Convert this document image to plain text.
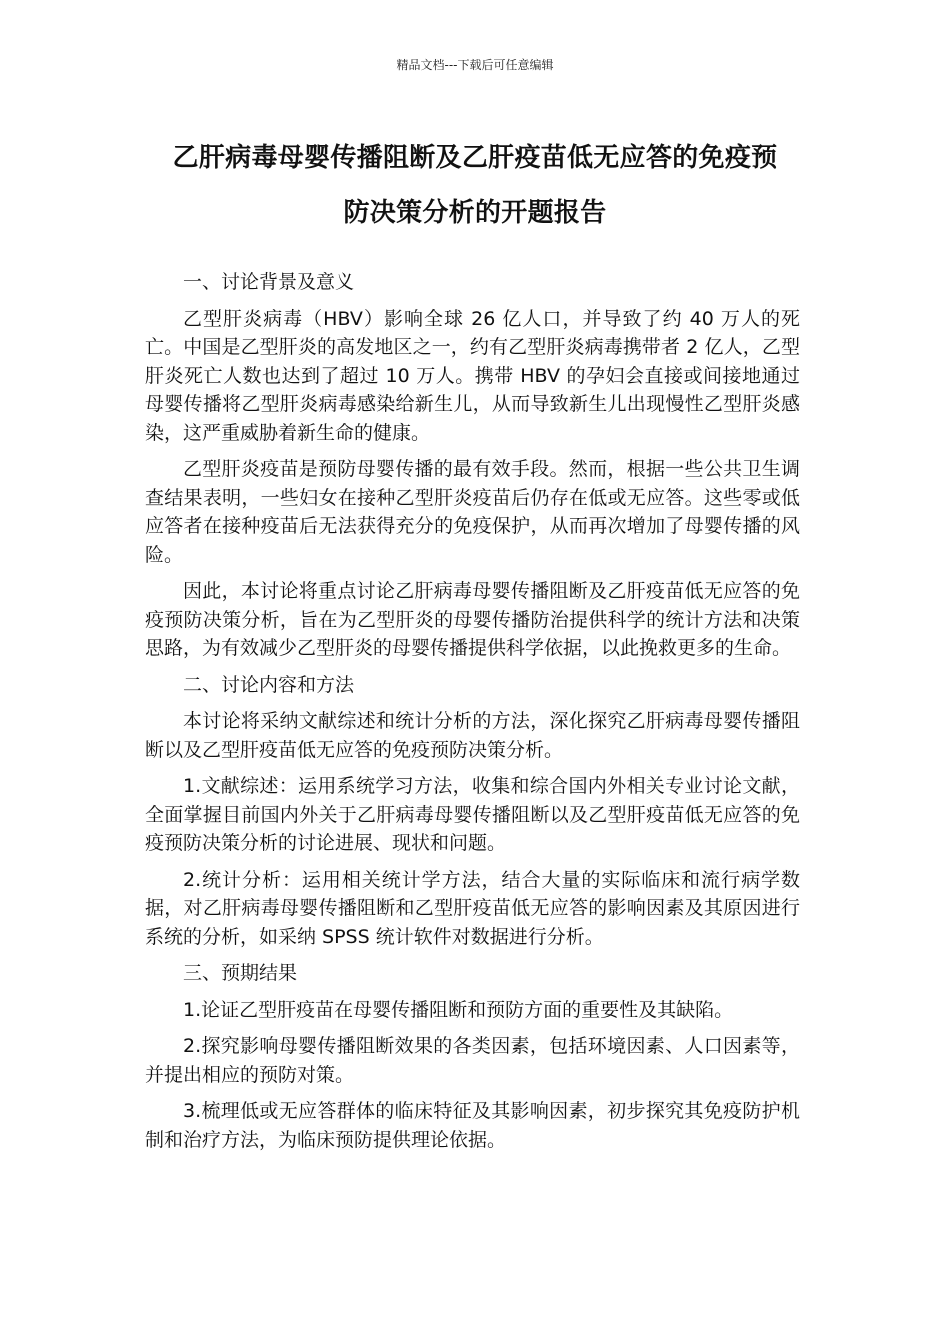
精品文档---下载后可任意编辑
乙肝病毒母婴传播阻断及乙肝疫苗低无应答的免疫预
防决策分析的开题报告

一、讨论背景及意义

乙型肝炎病毒（HBV）影响全球 26 亿人口，并导致了约 40 万人的死亡。中国是乙型肝炎的高发地区之一，约有乙型肝炎病毒携带者 2 亿人，乙型肝炎死亡人数也达到了超过 10 万人。携带 HBV 的孕妇会直接或间接地通过母婴传播将乙型肝炎病毒感染给新生儿，从而导致新生儿出现慢性乙型肝炎感染，这严重威胁着新生命的健康。

乙型肝炎疫苗是预防母婴传播的最有效手段。然而，根据一些公共卫生调查结果表明，一些妇女在接种乙型肝炎疫苗后仍存在低或无应答。这些零或低应答者在接种疫苗后无法获得充分的免疫保护，从而再次增加了母婴传播的风险。

因此，本讨论将重点讨论乙肝病毒母婴传播阻断及乙肝疫苗低无应答的免疫预防决策分析，旨在为乙型肝炎的母婴传播防治提供科学的统计方法和决策思路，为有效减少乙型肝炎的母婴传播提供科学依据，以此挽救更多的生命。

二、讨论内容和方法

本讨论将采纳文献综述和统计分析的方法，深化探究乙肝病毒母婴传播阻断以及乙型肝疫苗低无应答的免疫预防决策分析。

1.文献综述：运用系统学习方法，收集和综合国内外相关专业讨论文献，全面掌握目前国内外关于乙肝病毒母婴传播阻断以及乙型肝疫苗低无应答的免疫预防决策分析的讨论进展、现状和问题。

2.统计分析：运用相关统计学方法，结合大量的实际临床和流行病学数据，对乙肝病毒母婴传播阻断和乙型肝疫苗低无应答的影响因素及其原因进行系统的分析，如采纳 SPSS 统计软件对数据进行分析。

三、预期结果

1.论证乙型肝疫苗在母婴传播阻断和预防方面的重要性及其缺陷。

2.探究影响母婴传播阻断效果的各类因素，包括环境因素、人口因素等，并提出相应的预防对策。

3.梳理低或无应答群体的临床特征及其影响因素，初步探究其免疫防护机制和治疗方法，为临床预防提供理论依据。
